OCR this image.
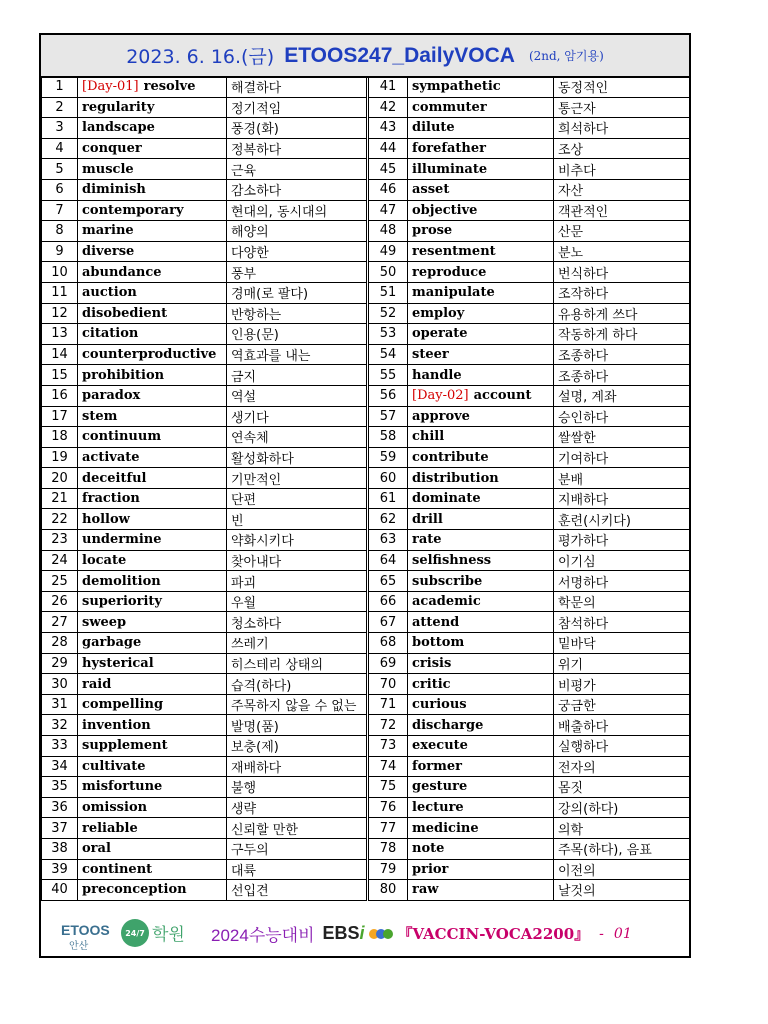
2023. 6. 16.(금) ETOOS247_DailyVOCA (2nd, 암기용)
1	[Day-01] resolve	해결하다	41	sympathetic	동정적인
2	regularity	정기적임	42	commuter	통근자
3	landscape	풍경(화)	43	dilute	희석하다
4	conquer	정복하다	44	forefather	조상
5	muscle	근육	45	illuminate	비추다
6	diminish	감소하다	46	asset	자산
7	contemporary	현대의, 동시대의	47	objective	객관적인
8	marine	해양의	48	prose	산문
9	diverse	다양한	49	resentment	분노
10	abundance	풍부	50	reproduce	번식하다
11	auction	경매(로 팔다)	51	manipulate	조작하다
12	disobedient	반항하는	52	employ	유용하게 쓰다
13	citation	인용(문)	53	operate	작동하게 하다
14	counterproductive	역효과를 내는	54	steer	조종하다
15	prohibition	금지	55	handle	조종하다
16	paradox	역설	56	[Day-02] account	설명, 계좌
17	stem	생기다	57	approve	승인하다
18	continuum	연속체	58	chill	쌀쌀한
19	activate	활성화하다	59	contribute	기여하다
20	deceitful	기만적인	60	distribution	분배
21	fraction	단편	61	dominate	지배하다
22	hollow	빈	62	drill	훈련(시키다)
23	undermine	약화시키다	63	rate	평가하다
24	locate	찾아내다	64	selfishness	이기심
25	demolition	파괴	65	subscribe	서명하다
26	superiority	우월	66	academic	학문의
27	sweep	청소하다	67	attend	참석하다
28	garbage	쓰레기	68	bottom	밑바닥
29	hysterical	히스테리 상태의	69	crisis	위기
30	raid	습격(하다)	70	critic	비평가
31	compelling	주목하지 않을 수 없는	71	curious	궁금한
32	invention	발명(품)	72	discharge	배출하다
33	supplement	보충(제)	73	execute	실행하다
34	cultivate	재배하다	74	former	전자의
35	misfortune	불행	75	gesture	몸짓
36	omission	생략	76	lecture	강의(하다)
37	reliable	신뢰할 만한	77	medicine	의학
38	oral	구두의	78	note	주목(하다), 음표
39	continent	대륙	79	prior	이전의
40	preconception	선입견	80	raw	날것의
ETOOS
안산
24/7 학원 2024수능대비 EBSi 『VACCIN-VOCA2200』 - 01
